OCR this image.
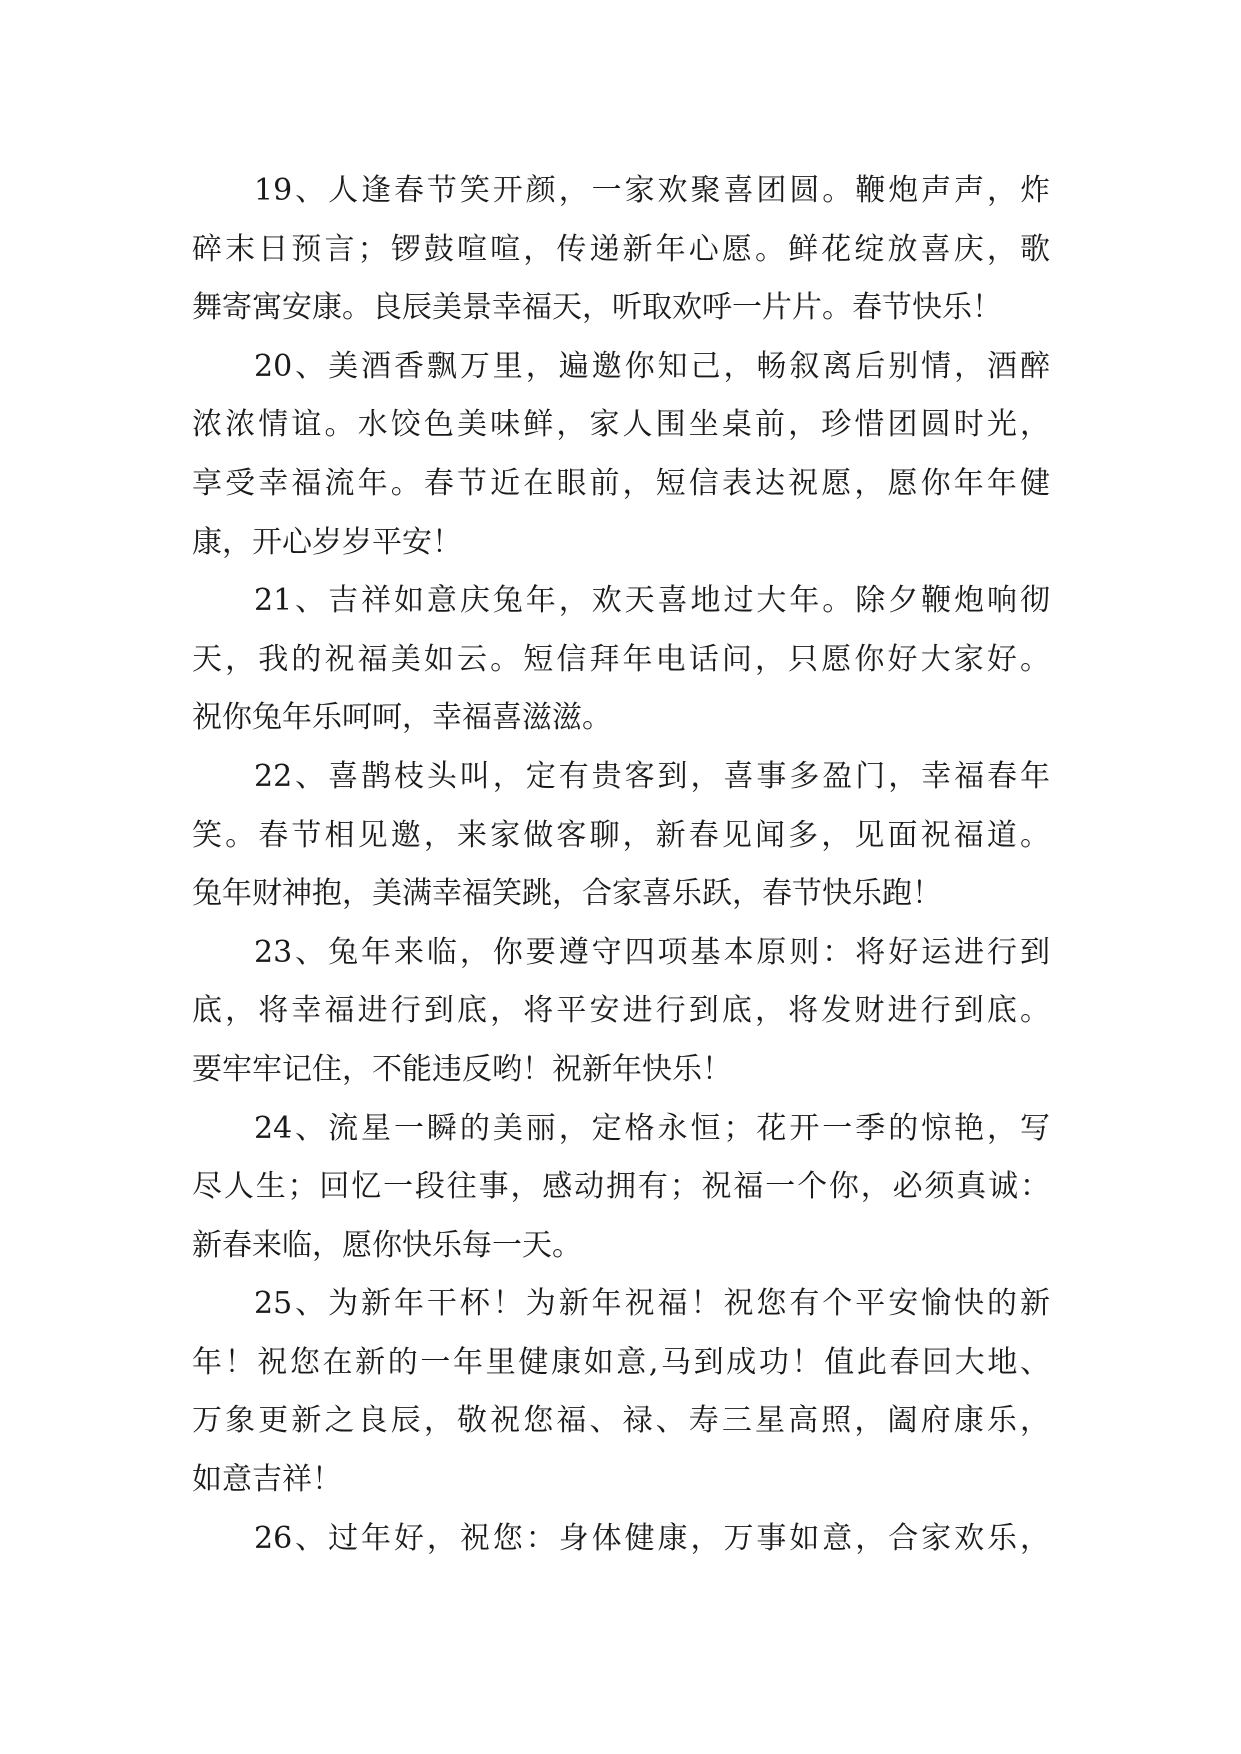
19、人逢春节笑开颜，一家欢聚喜团圆。鞭炮声声，炸
碎末日预言；锣鼓喧喧，传递新年心愿。鲜花绽放喜庆，歌
舞寄寓安康。良辰美景幸福天，听取欢呼一片片。春节快乐！
20、美酒香飘万里，遍邀你知己，畅叙离后别情，酒醉
浓浓情谊。水饺色美味鲜，家人围坐桌前，珍惜团圆时光，
享受幸福流年。春节近在眼前，短信表达祝愿，愿你年年健
康，开心岁岁平安！
21、吉祥如意庆兔年，欢天喜地过大年。除夕鞭炮响彻
天，我的祝福美如云。短信拜年电话问，只愿你好大家好。
祝你兔年乐呵呵，幸福喜滋滋。
22、喜鹊枝头叫，定有贵客到，喜事多盈门，幸福春年
笑。春节相见邀，来家做客聊，新春见闻多，见面祝福道。
兔年财神抱，美满幸福笑跳，合家喜乐跃，春节快乐跑！
23、兔年来临，你要遵守四项基本原则：将好运进行到
底，将幸福进行到底，将平安进行到底，将发财进行到底。
要牢牢记住，不能违反哟！祝新年快乐！
24、流星一瞬的美丽，定格永恒；花开一季的惊艳，写
尽人生；回忆一段往事，感动拥有；祝福一个你，必须真诚：
新春来临，愿你快乐每一天。
25、为新年干杯！为新年祝福！祝您有个平安愉快的新
年！祝您在新的一年里健康如意,马到成功！值此春回大地、
万象更新之良辰，敬祝您福、禄、寿三星高照，阖府康乐，
如意吉祥！
26、过年好，祝您：身体健康，万事如意，合家欢乐，
